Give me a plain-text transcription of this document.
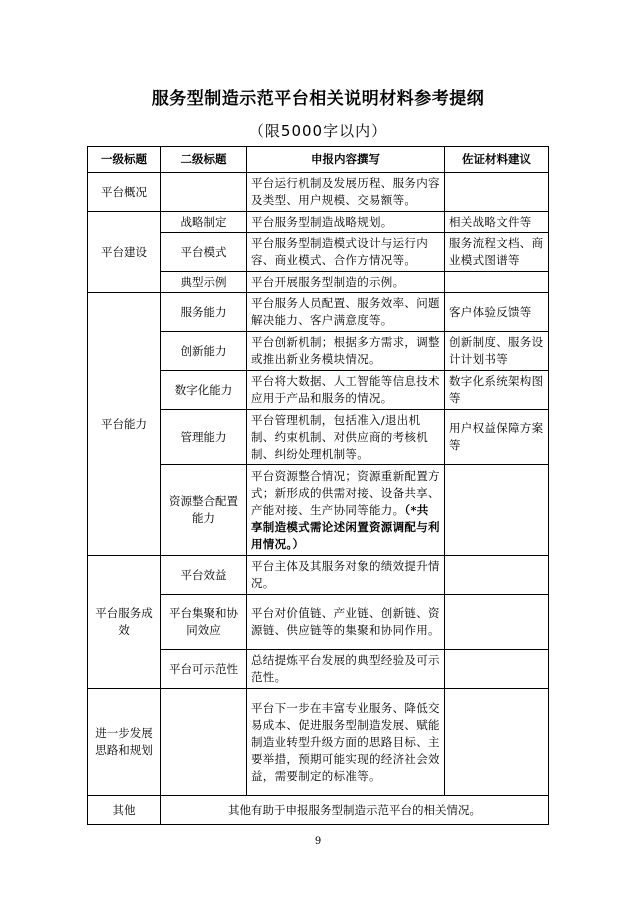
服务型制造示范平台相关说明材料参考提纲
（限5000字以内）
一级标题	二级标题	申报内容撰写	佐证材料建议
平台概况		平台运行机制及发展历程、服务内容及类型、用户规模、交易额等。	
平台建设	战略制定	平台服务型制造战略规划。	相关战略文件等
	平台模式	平台服务型制造模式设计与运行内容、商业模式、合作方情况等。	服务流程文档、商业模式图谱等
	典型示例	平台开展服务型制造的示例。	
平台能力	服务能力	平台服务人员配置、服务效率、问题解决能力、客户满意度等。	客户体验反馈等
	创新能力	平台创新机制；根据多方需求，调整或推出新业务模块情况。	创新制度、服务设计计划书等
	数字化能力	平台将大数据、人工智能等信息技术应用于产品和服务的情况。	数字化系统架构图等
	管理能力	平台管理机制，包括准入/退出机制、约束机制、对供应商的考核机制、纠纷处理机制等。	用户权益保障方案等
	资源整合配置能力	平台资源整合情况；资源重新配置方式；新形成的供需对接、设备共享、产能对接、生产协同等能力。（*共享制造模式需论述闲置资源调配与利用情况。）	
平台服务成效	平台效益	平台主体及其服务对象的绩效提升情况。	
	平台集聚和协同效应	平台对价值链、产业链、创新链、资源链、供应链等的集聚和协同作用。	
	平台可示范性	总结提炼平台发展的典型经验及可示范性。	
进一步发展思路和规划		平台下一步在丰富专业服务、降低交易成本、促进服务型制造发展、赋能制造业转型升级方面的思路目标、主要举措，预期可能实现的经济社会效益，需要制定的标准等。	
其他	其他有助于申报服务型制造示范平台的相关情况。		
9
